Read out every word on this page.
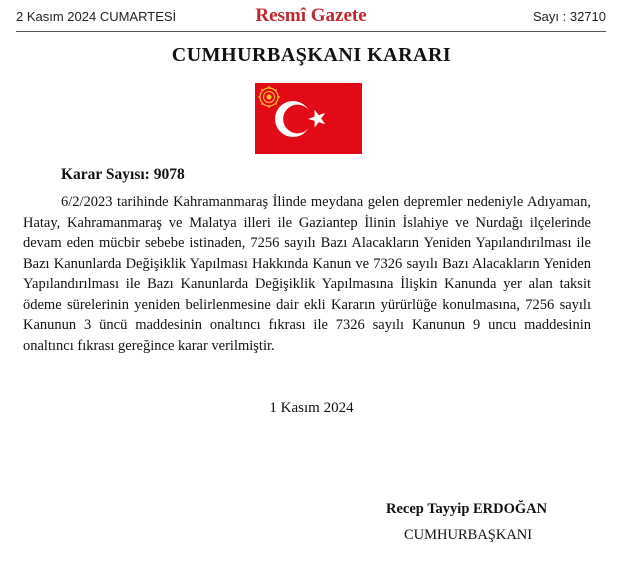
2 Kasım 2024 CUMARTESİ	Resmî Gazete	Sayı : 32710
CUMHURBAŞKANI KARARI
Karar Sayısı: 9078

6/2/2023 tarihinde Kahramanmaraş İlinde meydana gelen depremler nedeniyle Adıyaman, Hatay, Kahramanmaraş ve Malatya illeri ile Gaziantep İlinin İslahiye ve Nurdağı ilçelerinde devam eden mücbir sebebe istinaden, 7256 sayılı Bazı Alacakların Yeniden Yapılandırılması ile Bazı Kanunlarda Değişiklik Yapılması Hakkında Kanun ve 7326 sayılı Bazı Alacakların Yeniden Yapılandırılması ile Bazı Kanunlarda Değişiklik Yapılmasına İlişkin Kanunda yer alan taksit ödeme sürelerinin yeniden belirlenmesine dair ekli Kararın yürürlüğe konulmasına, 7256 sayılı Kanunun 3 üncü maddesinin onaltıncı fıkrası ile 7326 sayılı Kanunun 9 uncu maddesinin onaltıncı fıkrası gereğince karar verilmiştir.

1 Kasım 2024
Recep Tayyip ERDOĞAN
CUMHURBAŞKANI
